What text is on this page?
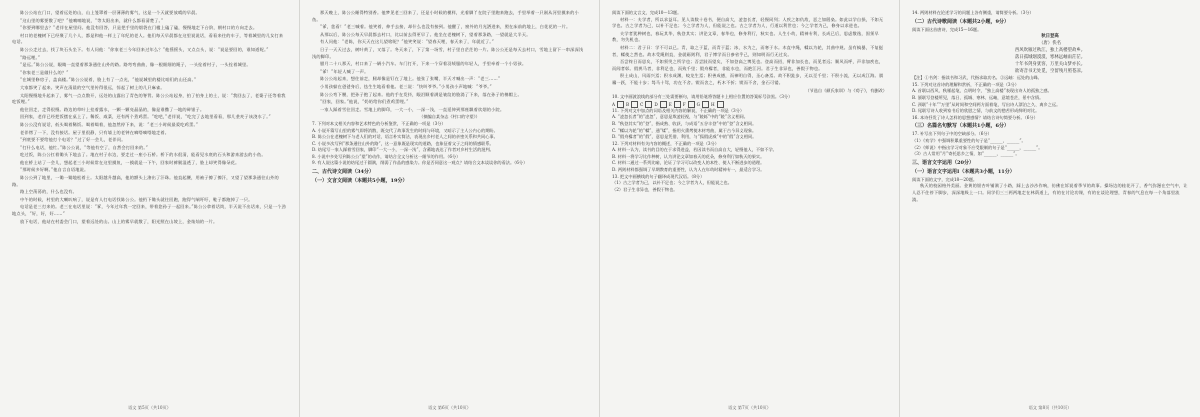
陈公公站在门口，望着远处的山，山上笼罩着一层薄薄的雾气，这是一个天就要放晴的早晨。

“这山里的雾要散了吧？”他喃喃地说，“等太阳出来，就什么都看清楚了。”

“你要到哪里去？”老伴在屋里问。他没有回答，只是把手里的烟袋在门槛上磕了磕，慢慢地走下台阶，朝村口的方向走去。

村口的老槐树下已经聚了几个人，都是和他一样上了年纪的老人。他们每天早晨都在这里说说话，看看来往的车子，等着城里的儿女打来电话。

陈公公走过去，找了块石头坐下。有人问他：“你家老三今年回来过年么？”他摇摇头，又点点头，说：“说是要回的，谁知道呢。”

“路远哩。”

“是远。”陈公公说，眼睛一直望着那条通往山外的路。路弯弯曲曲，像一根细细的绳子，一头拴着村子，一头拴着城里。

“你家老三是做什么的？”

“在城里修房子，盖高楼。”陈公公说着，脸上有了一点光，“他说城里的楼比咱们的山还高。”

大家都笑了起来。笑声在清晨的空气里传得很远，惊起了树上的几只麻雀。

太阳慢慢地升起来了，雾气一点点散开，远处的山露出了青色的脊背。陈公公站起身，拍了拍身上的土，说：“我回去了，老婆子还等着我吃饭哩。”

他往回走，走得很慢。路边的草叶上挂着露水，一颗一颗亮晶晶的，像是谁撒了一地的碎银子。

回到家，老伴已经把饭摆在桌上了。稀饭、咸菜，还有两个煮鸡蛋。“吃吧，”老伴说，“吃完了去地里看看，那几垄麦子该浇水了。”

陈公公没有说话，低头喝着稀饭。喝着喝着，他忽然停下来，说：“老三小时候最爱吃鸡蛋。”

老伴愣了一下，没有接话。屋子里很静，只有墙上的老钟在嘀嗒嘀嗒地走着。

“到底要不要给他打个电话？”过了好一会儿，老伴问。

“打什么电话，他忙。”陈公公说，“等他有空了，自然会打回来的。”

吃过饭，陈公公扛着锄头下地去了。地在村子东边，要走过一座小石桥。桥下的水很清，能看见水底的石头和游来游去的小鱼。

他在桥上站了一会儿，想起老三小时候常在这里摸鱼，一摸就是一下午，回家时裤腿湿透了，脸上却笑得像朵花。

“那时候多好啊。”他自言自语地说。

陈公公到了地里，一锄一锄地松着土。太阳越升越高，他的额头上渗出了汗珠。他直起腰，用袖子擦了擦汗，又望了望那条通往山外的路。

路上空荡荡的，什么也没有。

中午的时候，村里的大喇叭响了，说是有人打电话找陈公公。他扔下锄头就往回跑，跑得气喘吁吁，鞋子都跑掉了一只。

电话是老三打来的。老三在电话里说：“爹，今年过年我一定回来，带着您孙子一起回来。”陈公公拿着话筒，半天说不出话来，只是一个劲地点头，“好，好，好……”

放下电话，他站在村委会门口，望着远处的山。山上的雾早就散了，阳光照在山坡上，金灿灿的一片。

语文 第5页（共10页）

那天晚上，陈公公睡得特别香。他梦见老三回来了，还是小时候的模样，光着脚丫在院子里跑来跑去，手里举着一只刚从河里摸来的小鱼。

“爹，您看！”老三喊着。他笑着，伸手去接，却什么也没有接到。他醒了，窗外的月光洒进来，照在床前的地上，白花花的一片。

从那以后，陈公公每天早晨都去村口，比以前去得更早了。他坐在老槐树下，望着那条路，一望就是大半天。

有人问他：“老陈，你天天在这儿望啥呢？”他笑笑说：“望春天哩，春天来了，年就近了。”

日子一天天过去，树叶黄了，又落了。冬天来了，下了第一场雪，村子里白茫茫的一片。陈公公还是每天去村口，雪地上留下一串深深浅浅的脚印。

腊月二十八那天，村口来了一辆小汽车。车门打开，下来一个穿着羽绒服的年轻人，手里牵着一个小男孩。

“爹！”年轻人喊了一声。

陈公公站起来，想往前走，腿却像是钉在了地上。他张了张嘴，半天才喊出一声：“老三……”

小男孩躲在爸爸身后，怯生生地看着他。老三说：“快叫爷爷。”小男孩小声地喊：“爷爷。”

陈公公弯下腰，把孙子抱了起来。他的手在发抖，眼泪顺着满是皱纹的脸淌了下来，落在孙子的棉帽上。

“回家，回家。”他说，“奶奶给你们煮鸡蛋哩。”

一家人踩着雪往回走。雪地上的脚印，一大一小，一深一浅，一直延伸到那座飘着炊烟的小院。

（摘编自某杂志《村口的守望》）

7. 下列对本文相关内容和艺术特色的分析鉴赏，不正确的一项是（3分）

A. 小说开篇写山里的雾气即将消散，既交代了故事发生的时间与环境，又暗示了主人公内心的期盼。

B. 陈公公在老槐树下与老人们的对话，语言朴实简洁，表现出乡村老人之间的亲密关系和共同心事。

C. 小说多次写到“那条通往山外的路”，这一意象既是现实的道路，也象征着父子之间的情感联系。

D. 结尾写一家人踩着雪回家，脚印“一大一小，一深一浅”，含蓄地表达了作者对乡村生活的批判。

8. 小说中多处写到陈公公“望”的动作，请结合全文分析这一细节的作用。（6分）

9. 有人说这篇小说的结尾过于圆满，削弱了作品的感染力。你是否同意这一观点？请结合文本谈谈你的看法。（6分）

二、古代诗文阅读（34分）

（一）文言文阅读（本题共5小题，19分）

语文 第6页（共10页）

阅读下面的文言文，完成10～13题。

材料一：夫学者，所以求益耳。见人读数十卷书，便自高大，凌忽长者，轻慢同列；人疾之如仇敌，恶之如鸱枭。如此以学自损，不如无学也。古之学者为己，以补不足也；今之学者为人，但能说之也。古之学者为人，行道以利世也；今之学者为己，修身以求进也。

夫学者犹种树也，春玩其华，秋登其实；讲论文章，春华也，修身利行，秋实也。人生小幼，精神专利，长成已后，思虑散逸，固须早教，勿失机也。

材料二：君子曰：学不可以已。青，取之于蓝，而青于蓝；冰，水为之，而寒于水。木直中绳，輮以为轮，其曲中规。虽有槁暴，不复挺者，輮使之然也。故木受绳则直，金就砺则利，君子博学而日参省乎己，则知明而行无过矣。

吾尝终日而思矣，不如须臾之所学也；吾尝跂而望矣，不如登高之博见也。登高而招，臂非加长也，而见者远；顺风而呼，声非加疾也，而闻者彰。假舆马者，非利足也，而致千里；假舟楫者，非能水也，而绝江河。君子生非异也，善假于物也。

积土成山，风雨兴焉；积水成渊，蛟龙生焉；积善成德，而神明自得，圣心备焉。故不积跬步，无以至千里；不积小流，无以成江海。骐骥一跃，不能十步；驽马十驾，功在不舍。锲而舍之，朽木不折；锲而不舍，金石可镂。

（节选自《颜氏家训》与《荀子》，有删改）

10. 文中画波浪线的部分有三处需要断句，请用铅笔将答题卡上相应位置的答案标号涂黑。（3分）

A	B	C	D	E	F	G	H

11. 下列对文中加点的词语及相关内容的解说，不正确的一项是（3分）

A. “凌忽长者”的“凌忽”，意思是欺凌轻视，与“陵轹”中的“陵”含义相同。

B. “秋登其实”的“登”，指成熟、收获，与成语“五谷丰登”中的“登”含义相同。

C. “輮以为轮”的“輮”，通“煣”，指用火熏烤使木材弯曲，属于古今异义现象。

D. “假舟楫者”的“假”，意思是凭借、利用，与“狐假虎威”中的“假”含义相同。

12. 下列对材料有关内容的概述，不正确的一项是（3分）

A. 材料一认为，读书的目的在于求得进益，若因读书而自高自大，轻慢他人，不如不学。

B. 材料一将学习比作种树，认为讲论文章如春天的花朵，修身利行如秋天的果实。

C. 材料二通过一系列比喻，论证了学习可以改变人的本性、使人不断进步的道理。

D. 两则材料都强调了早期教育的重要性，认为人在年幼时精神专一，最适合学习。

13. 把文中画横线的句子翻译成现代汉语。（8分）

（1）古之学者为己，以补不足也；今之学者为人，但能说之也。

（2）君子生非异也，善假于物也。

语文 第7页（共10页）

14. 两则材料在论述学习的问题上各有侧重，请简要分析。（3分）

（二）古代诗歌阅读（本题共2小题，9分）

阅读下面这首唐诗，完成15～16题。

秋日登高

（唐）佚名

西风吹雁过秋江，独上高楼望故乡。

落日孤城烟漠漠，寒林远岫雨茫茫。

十年书剑身犹客，万里关山梦亦长。

欲寄音书无处觅，空留残月照苍凉。

【注】①书剑：指读书和习武，代指求取功名。②远岫：远处的山峰。

15. 下列对这首诗的理解和赏析，不正确的一项是（3分）

A. 首联以西风、秋雁起笔，点明时令，“独上高楼”表现出诗人的孤独之感。

B. 颔联写登楼所见，落日、孤城、寒林、远岫，意境苍茫，景中含情。

C. 颈联“十年”“万里”从时间和空间两方面着笔，写出诗人漂泊之久、离乡之远。

D. 尾联写诗人收到家书后的欣慰之情，与前文的愁苦形成鲜明对比。

16. 本诗抒发了诗人怎样的思想感情？请结合诗句简要分析。（6分）

（三）名篇名句默写（本题共1小题，6分）

17. 补写出下列句子中的空缺部分。（6分）

（1）《劝学》中强调积累重要性的句子是“______，______”。

（2）《师说》中指出学习对象不应受限制的句子是“______，______”。

（3）古人常用“月”寄托思乡之情，如“______，______”。

三、语言文字运用（20分）

（一）语言文字运用Ⅰ（本题共3小题，11分）

阅读下面的文字，完成18～20题。

秋天的校园格外美丽。金黄的银杏叶铺满了小路，踩上去沙沙作响，仿佛在诉说着季节的故事。操场边的桂花开了，香气弥漫在空气中，让人忍不住停下脚步，深深地吸上一口。同学们三三两两地走在林荫道上，有的在讨论功课，有的在谈论理想，青春的气息在每一个角落里流淌。

语文 第8页（共10页）
